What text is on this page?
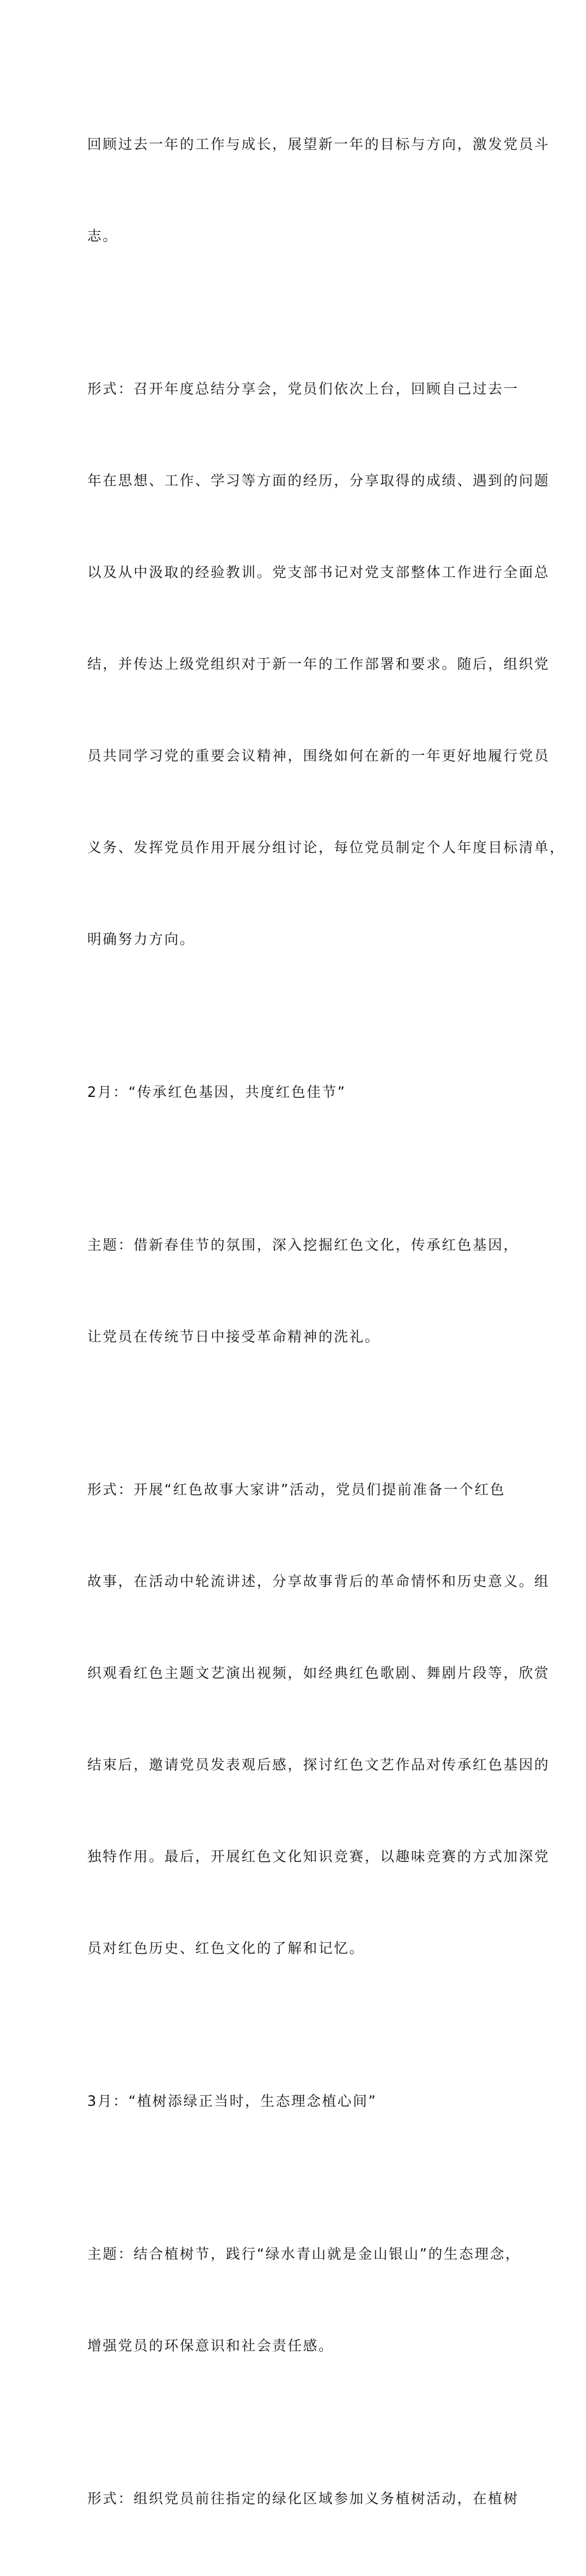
回顾过去一年的工作与成长，展望新一年的目标与方向，激发党员斗

志。

形式：召开年度总结分享会，党员们依次上台，回顾自己过去一

年在思想、工作、学习等方面的经历，分享取得的成绩、遇到的问题

以及从中汲取的经验教训。党支部书记对党支部整体工作进行全面总

结，并传达上级党组织对于新一年的工作部署和要求。随后，组织党

员共同学习党的重要会议精神，围绕如何在新的一年更好地履行党员

义务、发挥党员作用开展分组讨论，每位党员制定个人年度目标清单，

明确努力方向。

2月：“传承红色基因，共度红色佳节”

主题：借新春佳节的氛围，深入挖掘红色文化，传承红色基因，

让党员在传统节日中接受革命精神的洗礼。

形式：开展“红色故事大家讲”活动，党员们提前准备一个红色

故事，在活动中轮流讲述，分享故事背后的革命情怀和历史意义。组

织观看红色主题文艺演出视频，如经典红色歌剧、舞剧片段等，欣赏

结束后，邀请党员发表观后感，探讨红色文艺作品对传承红色基因的

独特作用。最后，开展红色文化知识竞赛，以趣味竞赛的方式加深党

员对红色历史、红色文化的了解和记忆。

3月：“植树添绿正当时，生态理念植心间”

主题：结合植树节，践行“绿水青山就是金山银山”的生态理念，

增强党员的环保意识和社会责任感。

形式：组织党员前往指定的绿化区域参加义务植树活动，在植树
